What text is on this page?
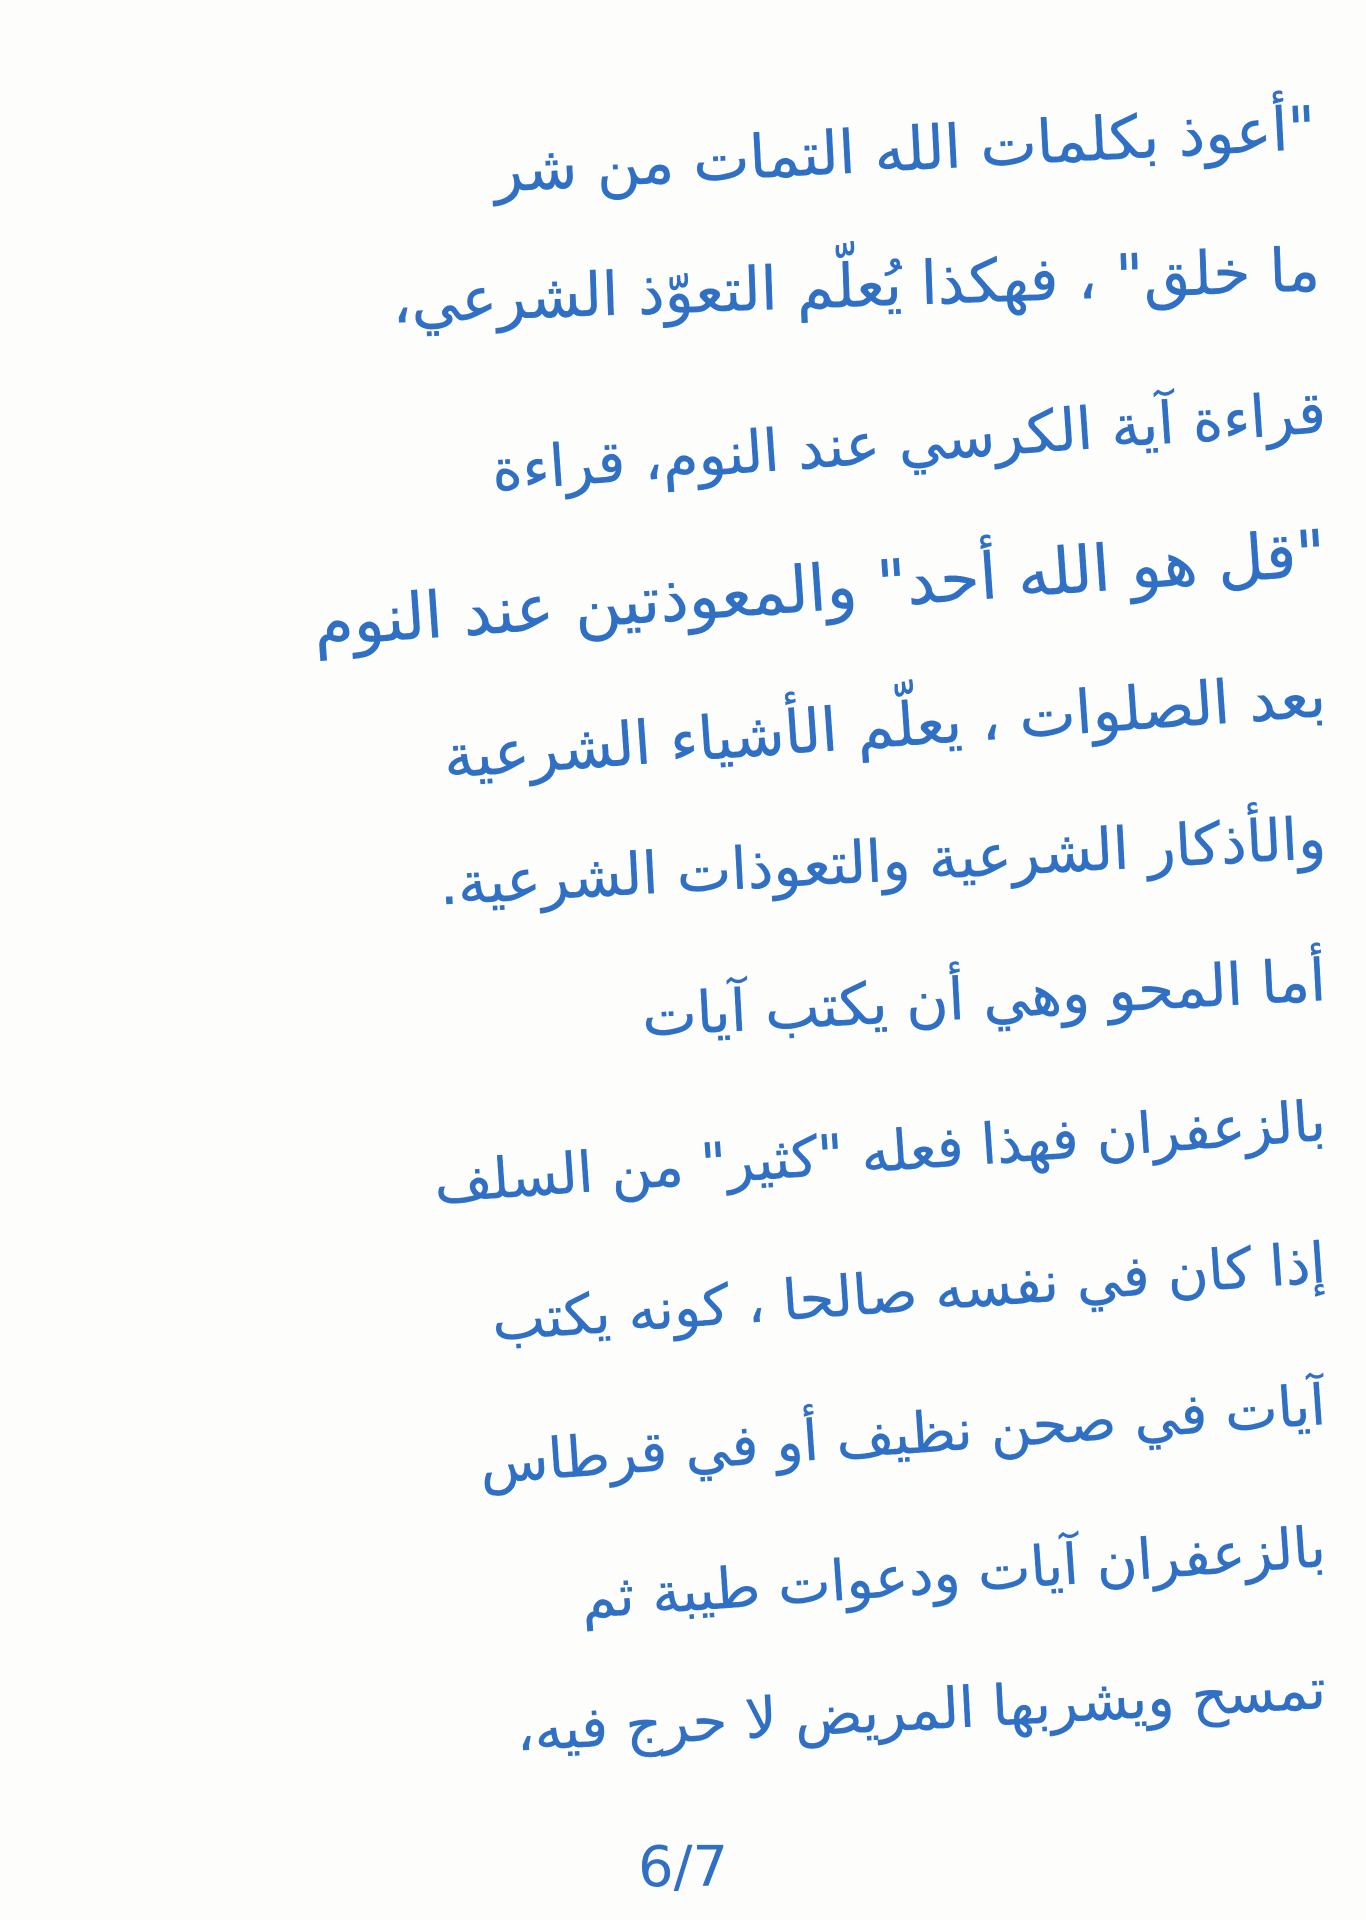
"أعوذ بكلمات الله التمات من شر
ما خلق" ، فهكذا يُعلّم التعوّذ الشرعي،
قراءة آية الكرسي عند النوم، قراءة
"قل هو الله أحد" والمعوذتين عند النوم
بعد الصلوات ، يعلّم الأشياء الشرعية
والأذكار الشرعية والتعوذات الشرعية.
أما المحو وهي أن يكتب آيات
بالزعفران فهذا فعله "كثير" من السلف
إذا كان في نفسه صالحا ، كونه يكتب
آيات في صحن نظيف أو في قرطاس
بالزعفران آيات ودعوات طيبة ثم
تمسح ويشربها المريض لا حرج فيه،
6/7
